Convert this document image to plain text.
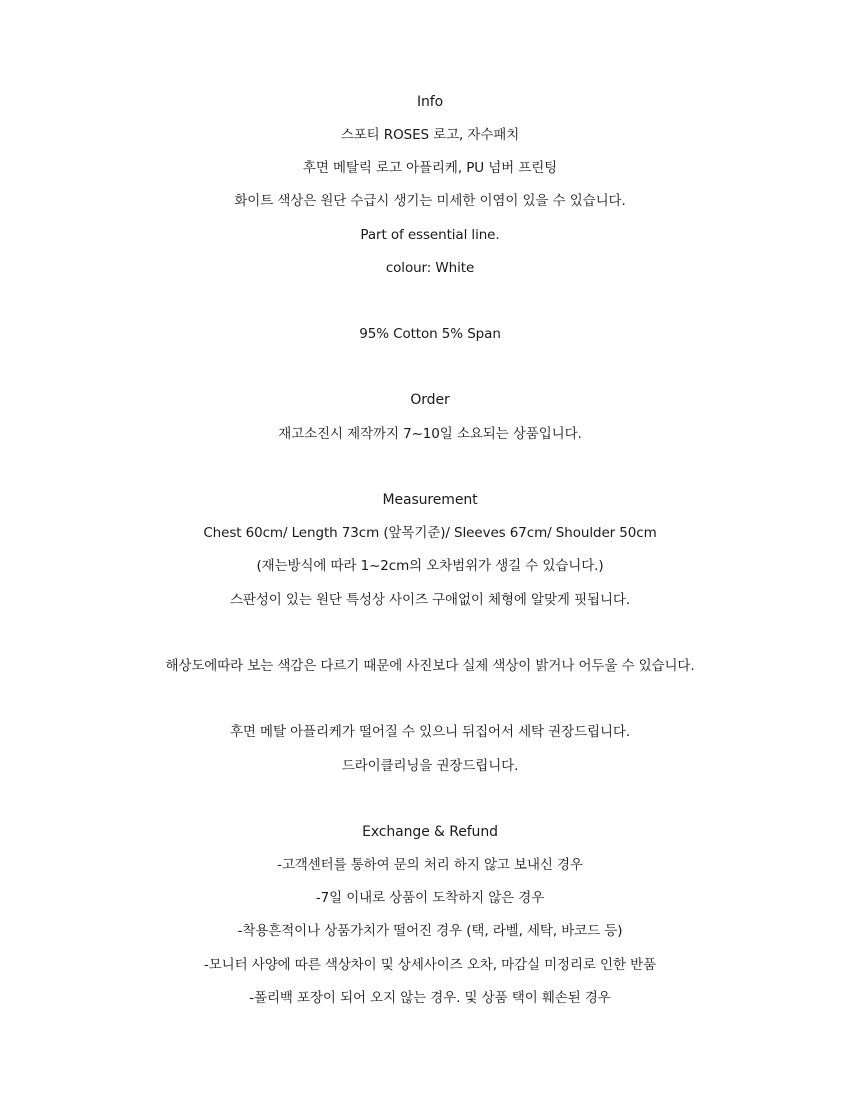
Info
스포티 ROSES 로고, 자수패치
후면 메탈릭 로고 아플리케, PU 넘버 프린팅
화이트 색상은 원단 수급시 생기는 미세한 이염이 있을 수 있습니다.
Part of essential line.
colour: White
95% Cotton 5% Span
Order
재고소진시 제작까지 7~10일 소요되는 상품입니다.
Measurement
Chest 60cm/ Length 73cm (앞목기준)/ Sleeves 67cm/ Shoulder 50cm
(재는방식에 따라 1~2cm의 오차범위가 생길 수 있습니다.)
스판성이 있는 원단 특성상 사이즈 구애없이 체형에 알맞게 핏됩니다.
해상도에따라 보는 색감은 다르기 때문에 사진보다 실제 색상이 밝거나 어두울 수 있습니다.
후면 메탈 아플리케가 떨어질 수 있으니 뒤집어서 세탁 권장드립니다.
드라이클리닝을 권장드립니다.
Exchange & Refund
-고객센터를 통하여 문의 처리 하지 않고 보내신 경우
-7일 이내로 상품이 도착하지 않은 경우
-착용흔적이나 상품가치가 떨어진 경우 (택, 라벨, 세탁, 바코드 등)
-모니터 사양에 따른 색상차이 및 상세사이즈 오차, 마감실 미정리로 인한 반품
-폴리백 포장이 되어 오지 않는 경우. 및 상품 택이 훼손된 경우
